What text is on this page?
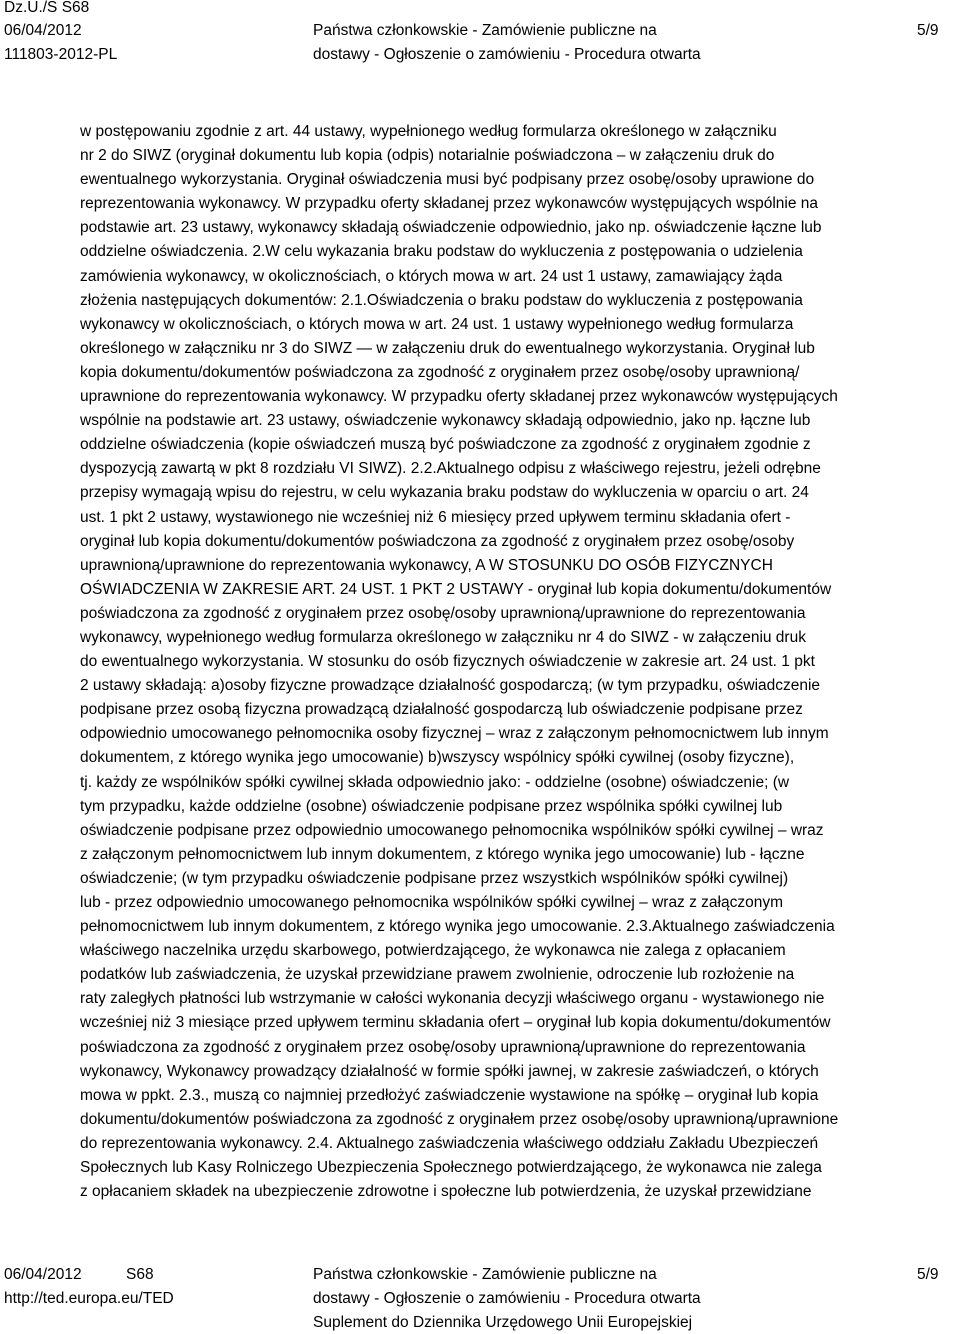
Dz.U./S S68
06/04/2012
111803-2012-PL
Państwa członkowskie - Zamówienie publiczne na
dostawy - Ogłoszenie o zamówieniu - Procedura otwarta
5/9
w postępowaniu zgodnie z art. 44 ustawy, wypełnionego według formularza określonego w załączniku
nr 2 do SIWZ (oryginał dokumentu lub kopia (odpis) notarialnie poświadczona – w załączeniu druk do
ewentualnego wykorzystania. Oryginał oświadczenia musi być podpisany przez osobę/osoby uprawione do
reprezentowania wykonawcy. W przypadku oferty składanej przez wykonawców występujących wspólnie na
podstawie art. 23 ustawy, wykonawcy składają oświadczenie odpowiednio, jako np. oświadczenie łączne lub
oddzielne oświadczenia. 2.W celu wykazania braku podstaw do wykluczenia z postępowania o udzielenia
zamówienia wykonawcy, w okolicznościach, o których mowa w art. 24 ust 1 ustawy, zamawiający żąda
złożenia następujących dokumentów: 2.1.Oświadczenia o braku podstaw do wykluczenia z postępowania
wykonawcy w okolicznościach, o których mowa w art. 24 ust. 1 ustawy wypełnionego według formularza
określonego w załączniku nr 3 do SIWZ — w załączeniu druk do ewentualnego wykorzystania. Oryginał lub
kopia dokumentu/dokumentów poświadczona za zgodność z oryginałem przez osobę/osoby uprawnioną/
uprawnione do reprezentowania wykonawcy. W przypadku oferty składanej przez wykonawców występujących
wspólnie na podstawie art. 23 ustawy, oświadczenie wykonawcy składają odpowiednio, jako np. łączne lub
oddzielne oświadczenia (kopie oświadczeń muszą być poświadczone za zgodność z oryginałem zgodnie z
dyspozycją zawartą w pkt 8 rozdziału VI SIWZ). 2.2.Aktualnego odpisu z właściwego rejestru, jeżeli odrębne
przepisy wymagają wpisu do rejestru, w celu wykazania braku podstaw do wykluczenia w oparciu o art. 24
ust. 1 pkt 2 ustawy, wystawionego nie wcześniej niż 6 miesięcy przed upływem terminu składania ofert -
oryginał lub kopia dokumentu/dokumentów poświadczona za zgodność z oryginałem przez osobę/osoby
uprawnioną/uprawnione do reprezentowania wykonawcy, A W STOSUNKU DO OSÓB FIZYCZNYCH
OŚWIADCZENIA W ZAKRESIE ART. 24 UST. 1 PKT 2 USTAWY - oryginał lub kopia dokumentu/dokumentów
poświadczona za zgodność z oryginałem przez osobę/osoby uprawnioną/uprawnione do reprezentowania
wykonawcy, wypełnionego według formularza określonego w załączniku nr 4 do SIWZ - w załączeniu druk
do ewentualnego wykorzystania. W stosunku do osób fizycznych oświadczenie w zakresie art. 24 ust. 1 pkt
2 ustawy składają: a)osoby fizyczne prowadzące działalność gospodarczą; (w tym przypadku, oświadczenie
podpisane przez osobą fizyczna prowadzącą działalność gospodarczą lub oświadczenie podpisane przez
odpowiednio umocowanego pełnomocnika osoby fizycznej – wraz z załączonym pełnomocnictwem lub innym
dokumentem, z którego wynika jego umocowanie) b)wszyscy wspólnicy spółki cywilnej (osoby fizyczne),
tj. każdy ze wspólników spółki cywilnej składa odpowiednio jako: - oddzielne (osobne) oświadczenie; (w
tym przypadku, każde oddzielne (osobne) oświadczenie podpisane przez wspólnika spółki cywilnej lub
oświadczenie podpisane przez odpowiednio umocowanego pełnomocnika wspólników spółki cywilnej – wraz
z załączonym pełnomocnictwem lub innym dokumentem, z którego wynika jego umocowanie) lub - łączne
oświadczenie; (w tym przypadku oświadczenie podpisane przez wszystkich wspólników spółki cywilnej)
lub - przez odpowiednio umocowanego pełnomocnika wspólników spółki cywilnej – wraz z załączonym
pełnomocnictwem lub innym dokumentem, z którego wynika jego umocowanie. 2.3.Aktualnego zaświadczenia
właściwego naczelnika urzędu skarbowego, potwierdzającego, że wykonawca nie zalega z opłacaniem
podatków lub zaświadczenia, że uzyskał przewidziane prawem zwolnienie, odroczenie lub rozłożenie na
raty zaległych płatności lub wstrzymanie w całości wykonania decyzji właściwego organu - wystawionego nie
wcześniej niż 3 miesiące przed upływem terminu składania ofert – oryginał lub kopia dokumentu/dokumentów
poświadczona za zgodność z oryginałem przez osobę/osoby uprawnioną/uprawnione do reprezentowania
wykonawcy, Wykonawcy prowadzący działalność w formie spółki jawnej, w zakresie zaświadczeń, o których
mowa w ppkt. 2.3., muszą co najmniej przedłożyć zaświadczenie wystawione na spółkę – oryginał lub kopia
dokumentu/dokumentów poświadczona za zgodność z oryginałem przez osobę/osoby uprawnioną/uprawnione
do reprezentowania wykonawcy. 2.4. Aktualnego zaświadczenia właściwego oddziału Zakładu Ubezpieczeń
Społecznych lub Kasy Rolniczego Ubezpieczenia Społecznego potwierdzającego, że wykonawca nie zalega
z opłacaniem składek na ubezpieczenie zdrowotne i społeczne lub potwierdzenia, że uzyskał przewidziane
06/04/2012	S68
http://ted.europa.eu/TED
Państwa członkowskie - Zamówienie publiczne na
dostawy - Ogłoszenie o zamówieniu - Procedura otwarta
Suplement do Dziennika Urzędowego Unii Europejskiej
5/9
